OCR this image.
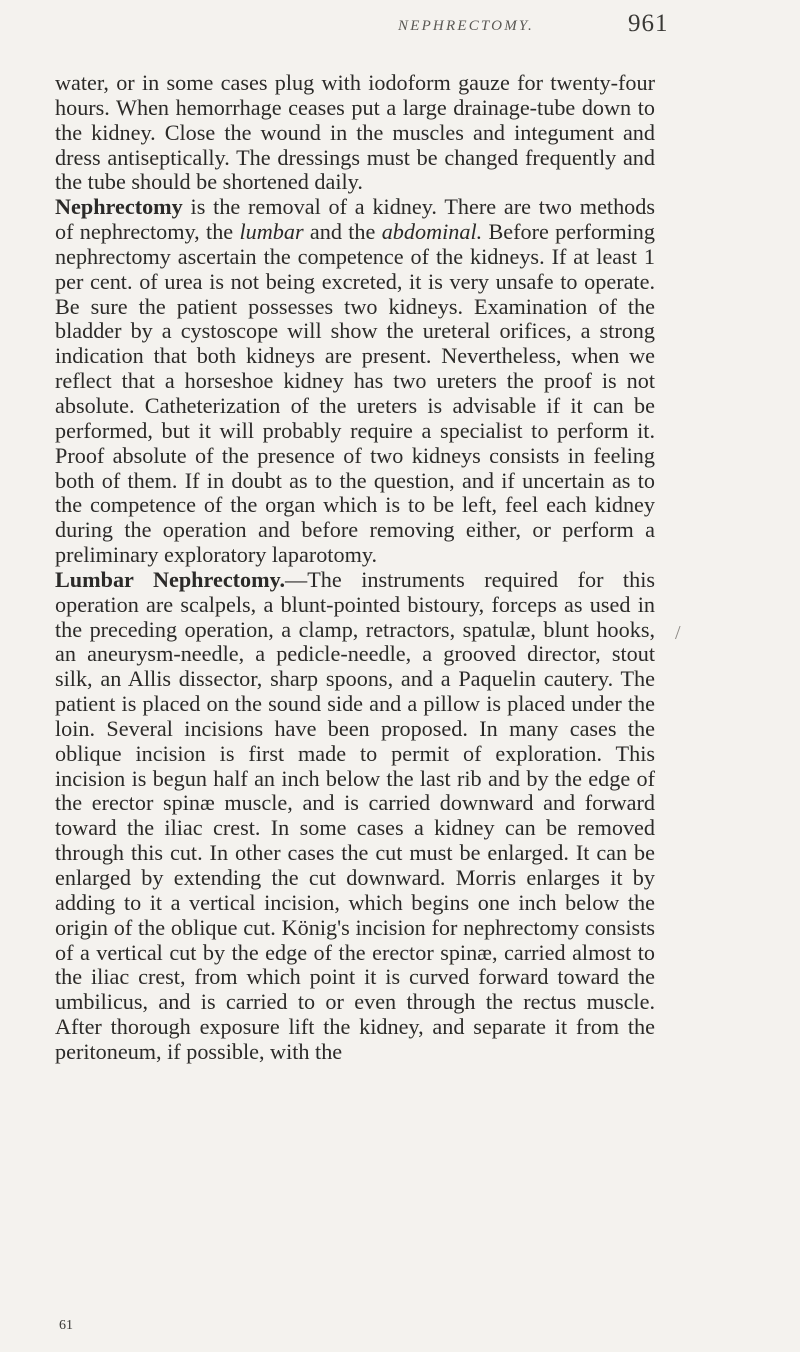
NEPHRECTOMY.	961

water, or in some cases plug with iodoform gauze for twenty-four hours. When hemorrhage ceases put a large drainage-tube down to the kidney. Close the wound in the muscles and integument and dress antiseptically. The dressings must be changed frequently and the tube should be shortened daily.

Nephrectomy is the removal of a kidney. There are two methods of nephrectomy, the lumbar and the abdominal. Before performing nephrectomy ascertain the competence of the kidneys. If at least 1 per cent. of urea is not being excreted, it is very unsafe to operate. Be sure the patient possesses two kidneys. Examination of the bladder by a cystoscope will show the ureteral orifices, a strong indication that both kidneys are present. Nevertheless, when we reflect that a horseshoe kidney has two ureters the proof is not absolute. Catheterization of the ureters is advisable if it can be performed, but it will probably require a specialist to perform it. Proof absolute of the presence of two kidneys consists in feeling both of them. If in doubt as to the question, and if uncertain as to the competence of the organ which is to be left, feel each kidney during the operation and before removing either, or perform a preliminary exploratory laparotomy.

Lumbar Nephrectomy.—The instruments required for this operation are scalpels, a blunt-pointed bistoury, forceps as used in the preceding operation, a clamp, retractors, spatulæ, blunt hooks, an aneurysm-needle, a pedicle-needle, a grooved director, stout silk, an Allis dissector, sharp spoons, and a Paquelin cautery. The patient is placed on the sound side and a pillow is placed under the loin. Several incisions have been proposed. In many cases the oblique incision is first made to permit of exploration. This incision is begun half an inch below the last rib and by the edge of the erector spinæ muscle, and is carried downward and forward toward the iliac crest. In some cases a kidney can be removed through this cut. In other cases the cut must be enlarged. It can be enlarged by extending the cut downward. Morris enlarges it by adding to it a vertical incision, which begins one inch below the origin of the oblique cut. König's incision for nephrectomy consists of a vertical cut by the edge of the erector spinæ, carried almost to the iliac crest, from which point it is curved forward toward the umbilicus, and is carried to or even through the rectus muscle. After thorough exposure lift the kidney, and separate it from the peritoneum, if possible, with the

/
61
